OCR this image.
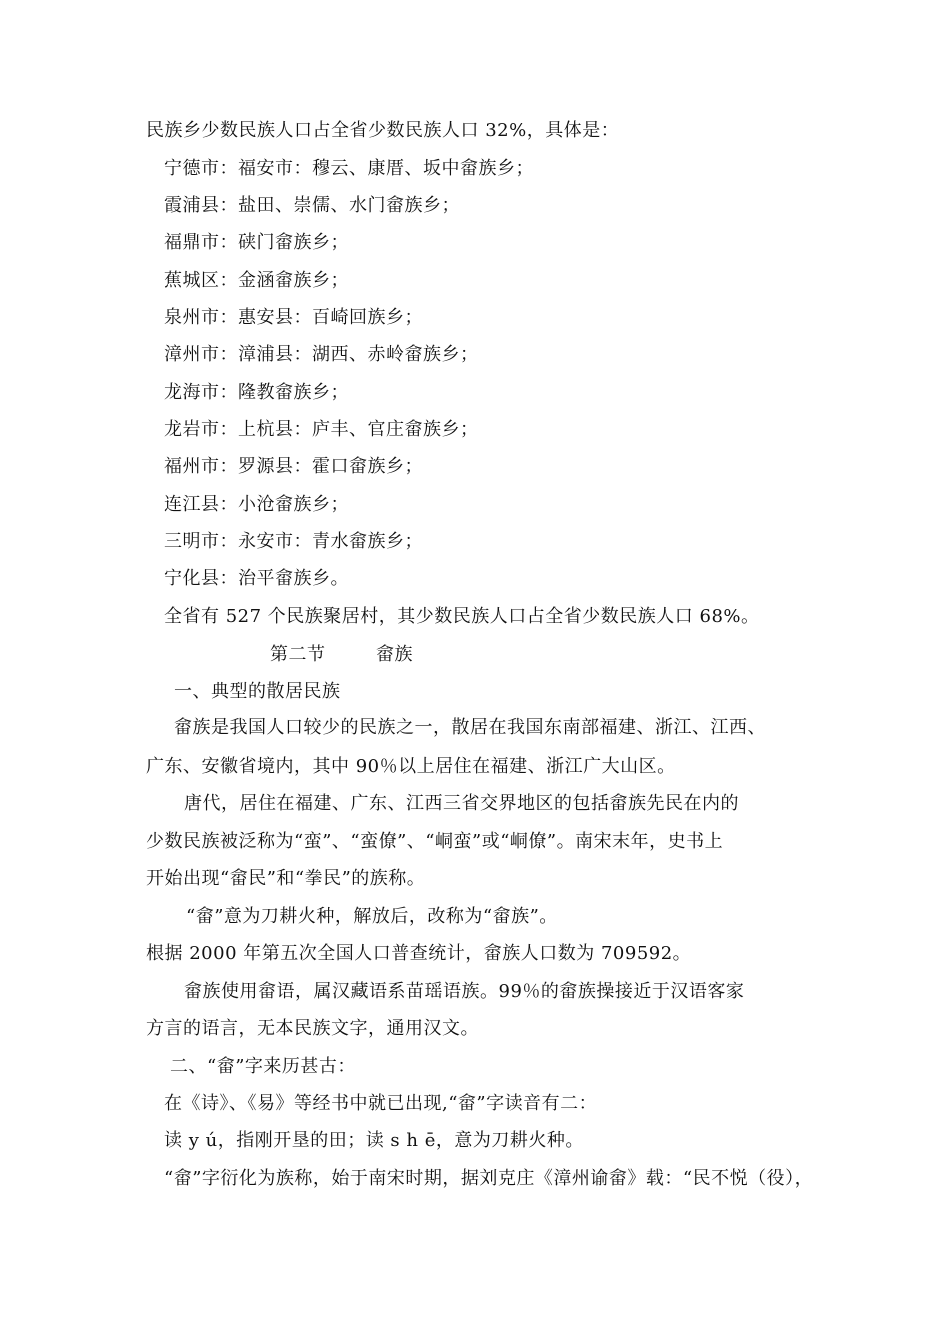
民族乡少数民族人口占全省少数民族人口 32%，具体是：
宁德市：福安市：穆云、康厝、坂中畲族乡；
霞浦县：盐田、崇儒、水门畲族乡；
福鼎市：硖门畲族乡；
蕉城区：金涵畲族乡；
泉州市：惠安县：百崎回族乡；
漳州市：漳浦县：湖西、赤岭畲族乡；
龙海市：隆教畲族乡；
龙岩市：上杭县：庐丰、官庄畲族乡；
福州市：罗源县：霍口畲族乡；
连江县：小沧畲族乡；
三明市：永安市：青水畲族乡；
宁化县：治平畲族乡。
全省有 527 个民族聚居村，其少数民族人口占全省少数民族人口 68%。
第二节	畲族
一、典型的散居民族
畲族是我国人口较少的民族之一，散居在我国东南部福建、浙江、江西、
广东、安徽省境内，其中 90％以上居住在福建、浙江广大山区。
唐代，居住在福建、广东、江西三省交界地区的包括畲族先民在内的
少数民族被泛称为“蛮”、“蛮僚”、“峒蛮”或“峒僚”。南宋末年，史书上
开始出现“畲民”和“拳民”的族称。
“畲”意为刀耕火种，解放后，改称为“畲族”。
根据 2000 年第五次全国人口普查统计，畲族人口数为 709592。
畲族使用畲语，属汉藏语系苗瑶语族。99％的畲族操接近于汉语客家
方言的语言，无本民族文字，通用汉文。
二、“畲”字来历甚古：
在《诗》、《易》等经书中就已出现,“畲”字读音有二：
读 y ú，指刚开垦的田；读 s h ē，意为刀耕火种。
“畲”字衍化为族称，始于南宋时期，据刘克庄《漳州谕畲》载：“民不悦（役），
